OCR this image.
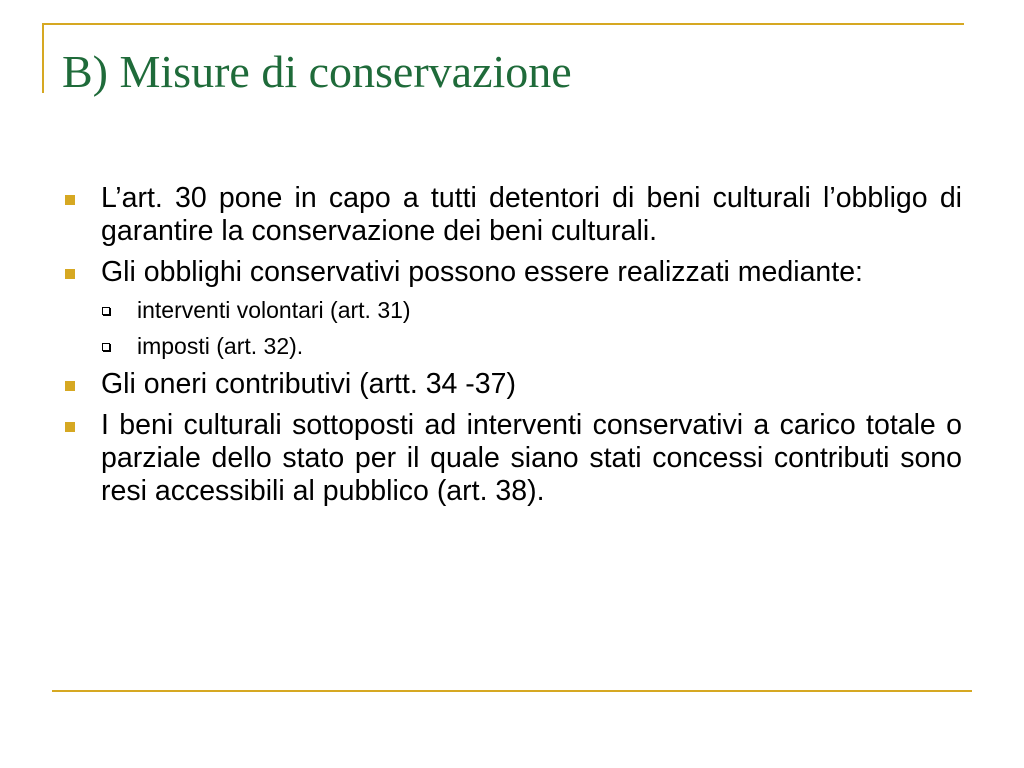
B) Misure di conservazione
L’art. 30 pone in capo a tutti detentori di beni culturali l’obbligo di garantire la conservazione dei beni culturali.
Gli obblighi conservativi possono essere realizzati mediante:
interventi volontari (art. 31)
imposti (art. 32).
Gli oneri contributivi (artt. 34 -37)
I beni culturali sottoposti ad interventi conservativi a carico totale o parziale dello stato per il quale siano stati concessi contributi sono resi accessibili al pubblico (art. 38).
